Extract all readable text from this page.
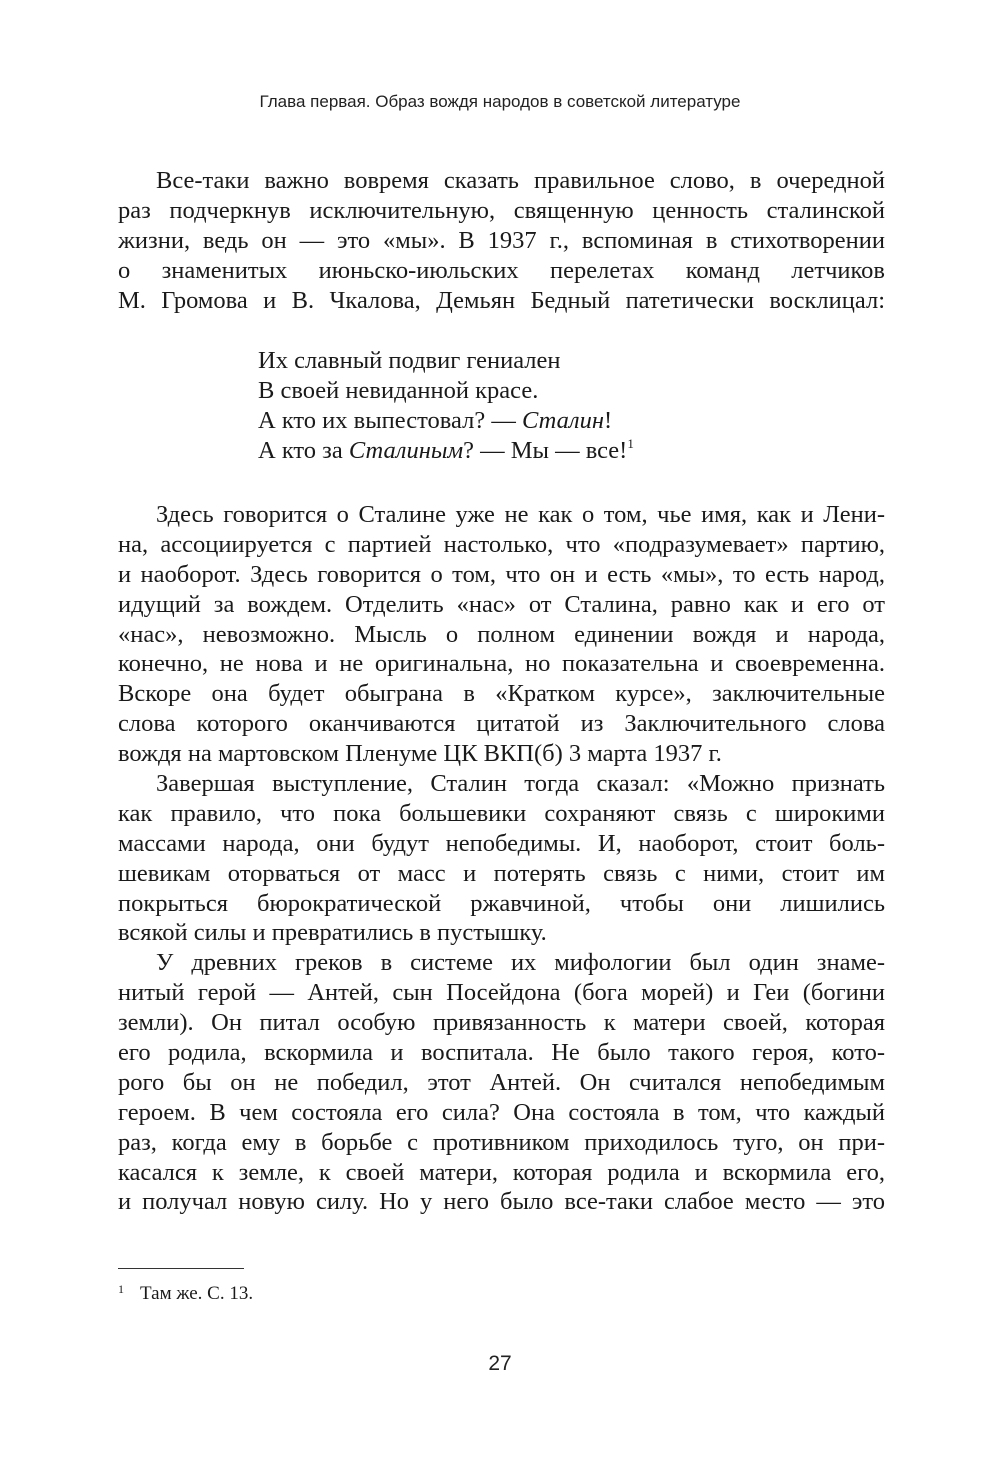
Глава первая. Образ вождя народов в советской литературе
Все-таки важно вовремя сказать правильное слово, в очередной
раз подчеркнув исключительную, священную ценность сталинской
жизни, ведь он — это «мы». В 1937 г., вспоминая в стихотворении
о знаменитых июньско-июльских перелетах команд летчиков
М. Громова и В. Чкалова, Демьян Бедный патетически восклицал:
Их славный подвиг гениален
В своей невиданной красе.
А кто их выпестовал? — Сталин!
А кто за Сталиным? — Мы — все!$^1$
Здесь говорится о Сталине уже не как о том, чье имя, как и Лени-
на, ассоциируется с партией настолько, что «подразумевает» партию,
и наоборот. Здесь говорится о том, что он и есть «мы», то есть народ,
идущий за вождем. Отделить «нас» от Сталина, равно как и его от
«нас», невозможно. Мысль о полном единении вождя и народа,
конечно, не нова и не оригинальна, но показательна и своевременна.
Вскоре она будет обыграна в «Кратком курсе», заключительные
слова которого оканчиваются цитатой из Заключительного слова
вождя на мартовском Пленуме ЦК ВКП(б) 3 марта 1937 г.
Завершая выступление, Сталин тогда сказал: «Можно признать
как правило, что пока большевики сохраняют связь с широкими
массами народа, они будут непобедимы. И, наоборот, стоит боль-
шевикам оторваться от масс и потерять связь с ними, стоит им
покрыться бюрократической ржавчиной, чтобы они лишились
всякой силы и превратились в пустышку.
У древних греков в системе их мифологии был один знаме-
нитый герой — Антей, сын Посейдона (бога морей) и Геи (богини
земли). Он питал особую привязанность к матери своей, которая
его родила, вскормила и воспитала. Не было такого героя, кото-
рого бы он не победил, этот Антей. Он считался непобедимым
героем. В чем состояла его сила? Она состояла в том, что каждый
раз, когда ему в борьбе с противником приходилось туго, он при-
касался к земле, к своей матери, которая родила и вскормила его,
и получал новую силу. Но у него было все-таки слабое место — это
$^1$ Там же. С. 13.
27
